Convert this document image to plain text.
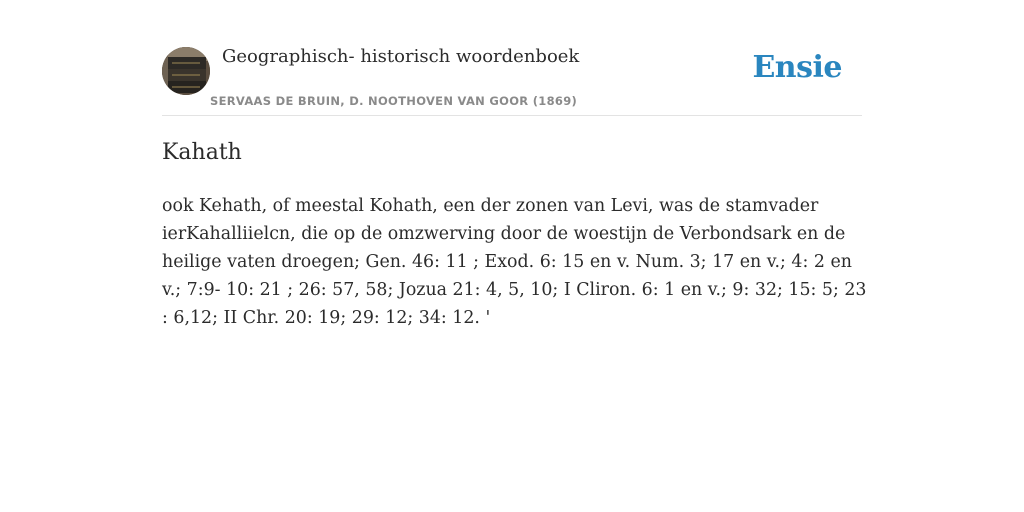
Geographisch- historisch woordenboek
SERVAAS DE BRUIN, D. NOOTHOVEN VAN GOOR (1869)
Ensie
Kahath

ook Kehath, of meestal Kohath, een der zonen van Levi, was de stamvader ierKahalliielcn, die op de omzwerving door de woestijn de Verbondsark en de heilige vaten droegen; Gen. 46: 11 ; Exod. 6: 15 en v. Num. 3; 17 en v.; 4: 2 en v.; 7:9- 10: 21 ; 26: 57, 58; Jozua 21: 4, 5, 10; I Cliron. 6: 1 en v.; 9: 32; 15: 5; 23 : 6,12; II Chr. 20: 19; 29: 12; 34: 12. '
